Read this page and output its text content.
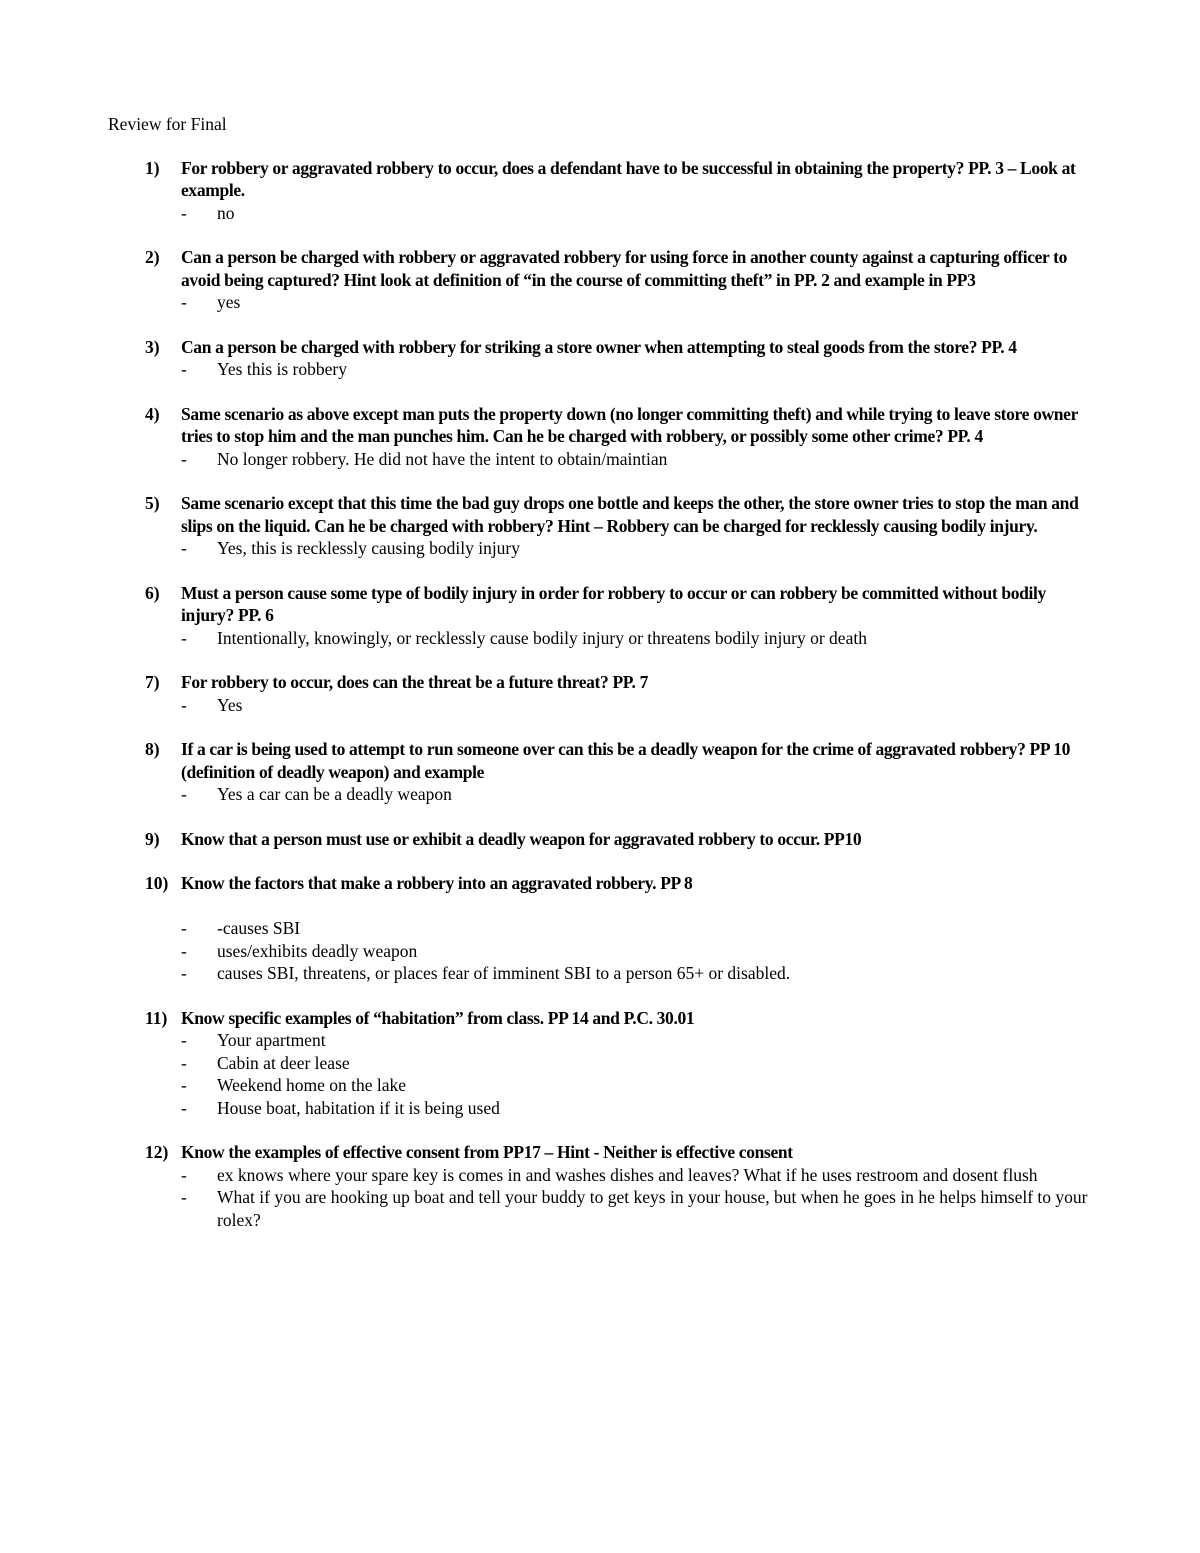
Review for Final
1) For robbery or aggravated robbery to occur, does a defendant have to be successful in obtaining the property? PP. 3 – Look at example.
- no
2) Can a person be charged with robbery or aggravated robbery for using force in another county against a capturing officer to avoid being captured? Hint look at definition of “in the course of committing theft” in PP. 2 and example in PP3
- yes
3) Can a person be charged with robbery for striking a store owner when attempting to steal goods from the store? PP. 4
- Yes this is robbery
4) Same scenario as above except man puts the property down (no longer committing theft) and while trying to leave store owner tries to stop him and the man punches him. Can he be charged with robbery, or possibly some other crime? PP. 4
- No longer robbery. He did not have the intent to obtain/maintian
5) Same scenario except that this time the bad guy drops one bottle and keeps the other, the store owner tries to stop the man and slips on the liquid. Can he be charged with robbery? Hint – Robbery can be charged for recklessly causing bodily injury.
- Yes, this is recklessly causing bodily injury
6) Must a person cause some type of bodily injury in order for robbery to occur or can robbery be committed without bodily injury? PP. 6
- Intentionally, knowingly, or recklessly cause bodily injury or threatens bodily injury or death
7) For robbery to occur, does can the threat be a future threat? PP. 7
- Yes
8) If a car is being used to attempt to run someone over can this be a deadly weapon for the crime of aggravated robbery? PP 10 (definition of deadly weapon) and example
- Yes a car can be a deadly weapon
9) Know that a person must use or exhibit a deadly weapon for aggravated robbery to occur. PP10
10) Know the factors that make a robbery into an aggravated robbery. PP 8
- -causes SBI
- uses/exhibits deadly weapon
- causes SBI, threatens, or places fear of imminent SBI to a person 65+ or disabled.
11) Know specific examples of “habitation” from class. PP 14 and P.C. 30.01
- Your apartment
- Cabin at deer lease
- Weekend home on the lake
- House boat, habitation if it is being used
12) Know the examples of effective consent from PP17 – Hint - Neither is effective consent
- ex knows where your spare key is comes in and washes dishes and leaves? What if he uses restroom and dosent flush
- What if you are hooking up boat and tell your buddy to get keys in your house, but when he goes in he helps himself to your rolex?
